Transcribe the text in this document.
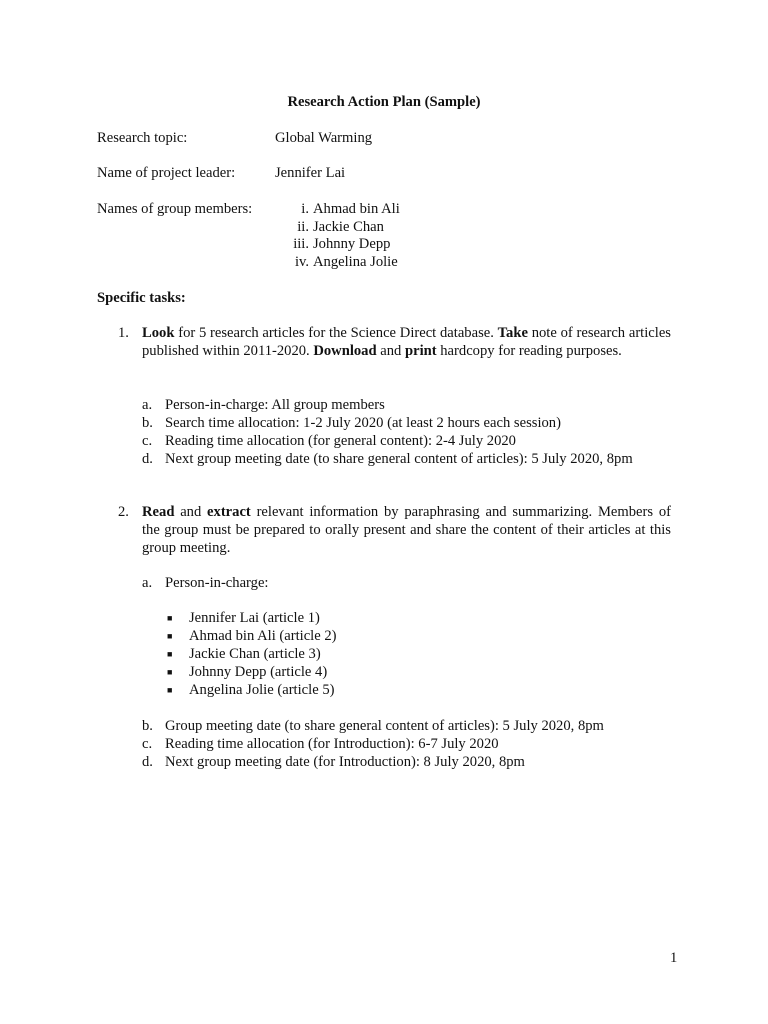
Research Action Plan (Sample)
Research topic:	Global Warming
Name of project leader:	Jennifer Lai
Names of group members:	i. Ahmad bin Ali
ii. Jackie Chan
iii. Johnny Depp
iv. Angelina Jolie
Specific tasks:
1. Look for 5 research articles for the Science Direct database. Take note of research articles published within 2011-2020. Download and print hardcopy for reading purposes.
a. Person-in-charge: All group members
b. Search time allocation: 1-2 July 2020 (at least 2 hours each session)
c. Reading time allocation (for general content): 2-4 July 2020
d. Next group meeting date (to share general content of articles): 5 July 2020, 8pm
2. Read and extract relevant information by paraphrasing and summarizing. Members of the group must be prepared to orally present and share the content of their articles at this group meeting.
a. Person-in-charge:
■ Jennifer Lai (article 1)
■ Ahmad bin Ali (article 2)
■ Jackie Chan (article 3)
■ Johnny Depp (article 4)
■ Angelina Jolie (article 5)
b. Group meeting date (to share general content of articles): 5 July 2020, 8pm
c. Reading time allocation (for Introduction): 6-7 July 2020
d. Next group meeting date (for Introduction): 8 July 2020, 8pm
1
